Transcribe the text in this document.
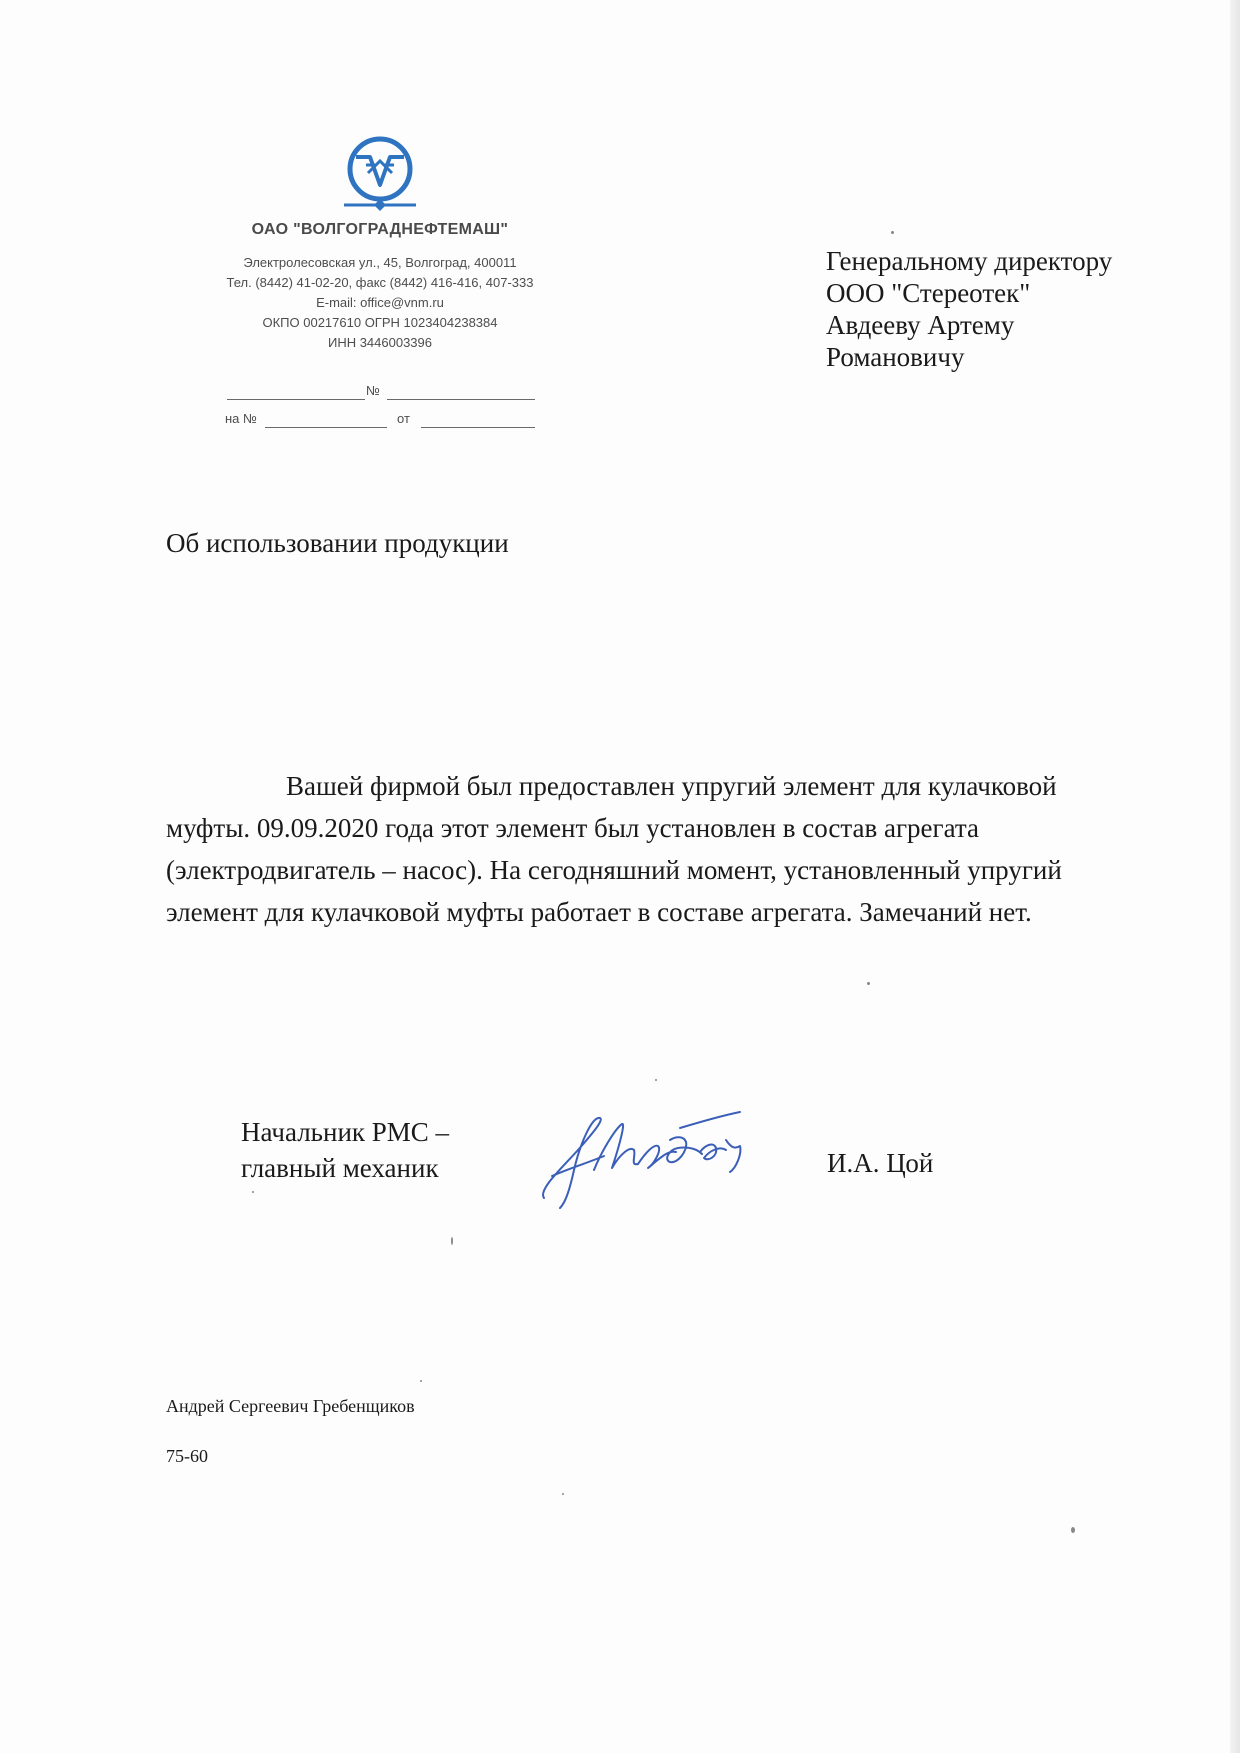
ОАО "ВОЛГОГРАДНЕФТЕМАШ"
Электролесовская ул., 45, Волгоград, 400011
Тел. (8442) 41-02-20, факс (8442) 416-416, 407-333
E-mail: office@vnm.ru
ОКПО 00217610 ОГРН 1023404238384
ИНН 3446003396
№
на №	от
Генеральному директору
ООО "Стереотек"
Авдееву Артему
Романовичу
Об использовании продукции
Вашей фирмой был предоставлен упругий элемент для кулачковой муфты. 09.09.2020 года этот элемент был установлен в состав агрегата (электродвигатель – насос). На сегодняшний момент, установленный упругий элемент для кулачковой муфты работает в составе агрегата. Замечаний нет.
Начальник РМС –
главный механик	И.А. Цой
Андрей Сергеевич Гребенщиков
75-60
